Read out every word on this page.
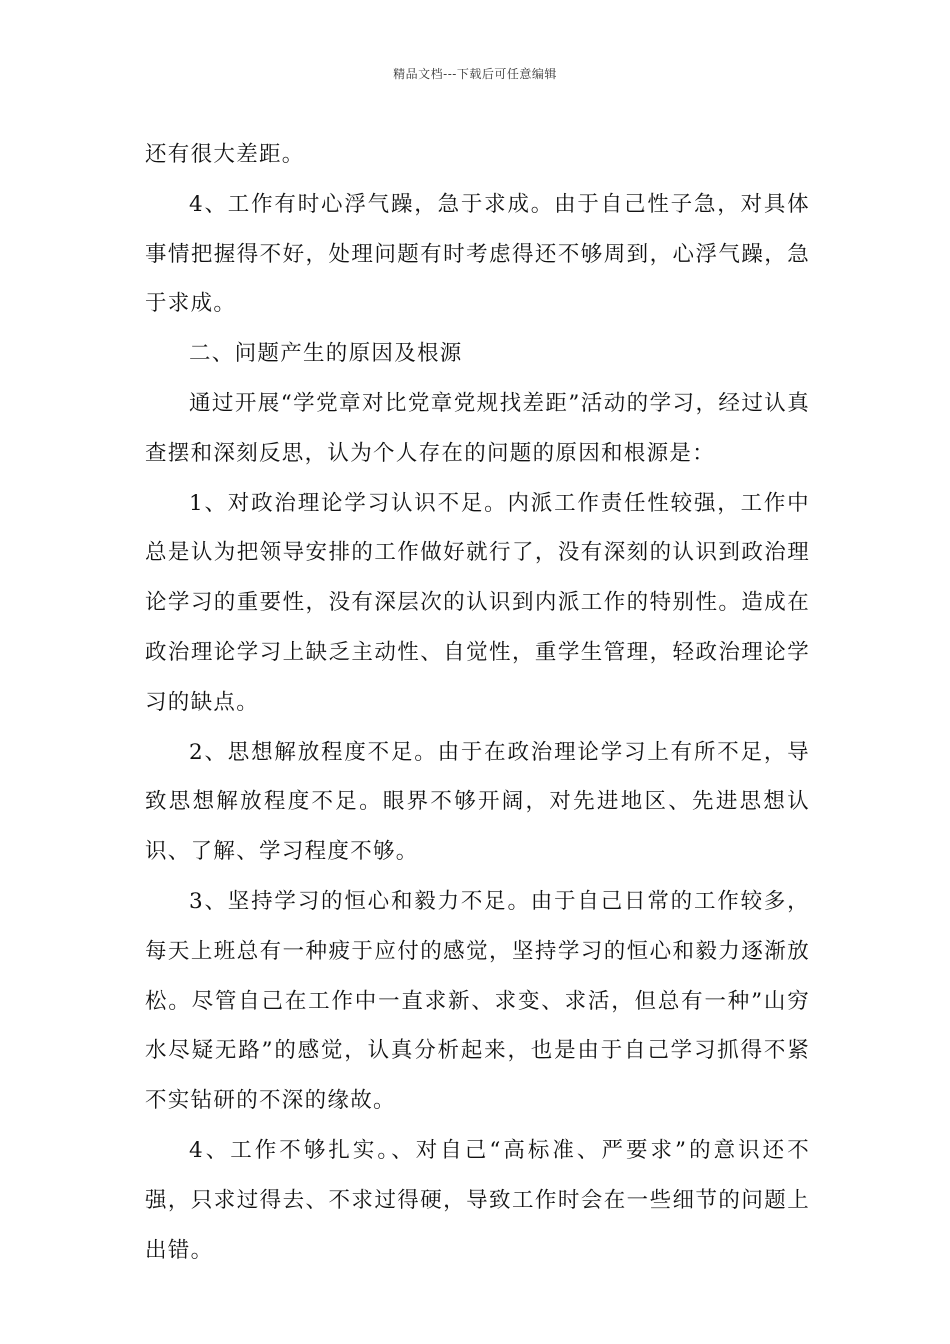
精品文档---下载后可任意编辑

还有很大差距。

4、工作有时心浮气躁，急于求成。由于自己性子急，对具体事情把握得不好，处理问题有时考虑得还不够周到，心浮气躁，急于求成。

二、问题产生的原因及根源

通过开展“学党章对比党章党规找差距”活动的学习，经过认真查摆和深刻反思，认为个人存在的问题的原因和根源是：

1、对政治理论学习认识不足。内派工作责任性较强，工作中总是认为把领导安排的工作做好就行了，没有深刻的认识到政治理论学习的重要性，没有深层次的认识到内派工作的特别性。造成在政治理论学习上缺乏主动性、自觉性，重学生管理，轻政治理论学习的缺点。

2、思想解放程度不足。由于在政治理论学习上有所不足，导致思想解放程度不足。眼界不够开阔，对先进地区、先进思想认识、了解、学习程度不够。

3、坚持学习的恒心和毅力不足。由于自己日常的工作较多，每天上班总有一种疲于应付的感觉，坚持学习的恒心和毅力逐渐放松。尽管自己在工作中一直求新、求变、求活，但总有一种”山穷水尽疑无路”的感觉，认真分析起来，也是由于自己学习抓得不紧不实钻研的不深的缘故。

4、工作不够扎实。、对自己“高标准、严要求”的意识还不强，只求过得去、不求过得硬，导致工作时会在一些细节的问题上出错。
